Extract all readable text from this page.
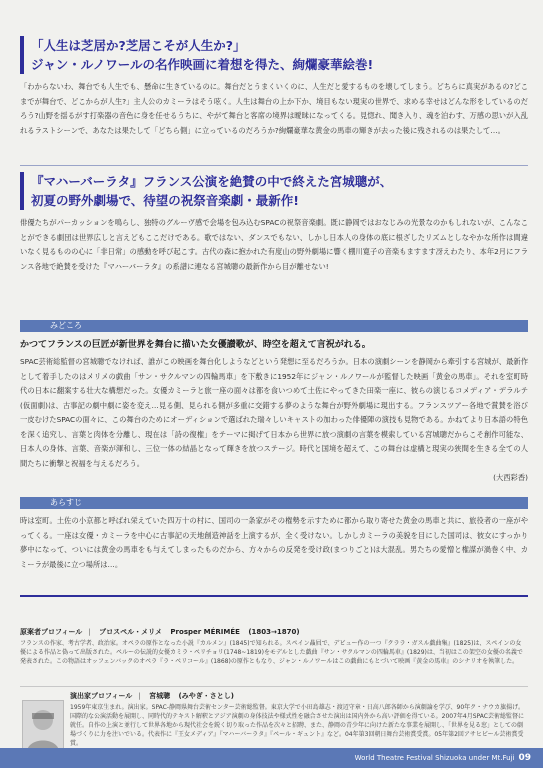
「人生は芝居か?芝居こそが人生か?」
ジャン・ルノワールの名作映画に着想を得た、絢爛豪華絵巻!
「わからないわ、舞台でも人生でも、懸命に生きているのに。舞台だとうまくいくのに、人生だと愛するものを壊してしまう。どちらに真実があるの?どこまでが舞台で、どこからが人生?」主人公のカミーラはそう呟く。人生は舞台の上か下か、境目もない現実の世界で、求める幸せはどんな形をしているのだろう?山野を揺るがす打楽器の音色に身を任せるうちに、やがて舞台と客席の境界は曖昧になってくる。見惚れ、聞き入り、魂を泊わす、万感の思いが入乱れるラストシーンで、あなたは果たして「どちら側」に立っているのだろうか?絢爛豪華な黄金の馬車の輝きが去った後に残されるのは果たして…。
『マハーバーラタ』フランス公演を絶賛の中で終えた宮城聰が、
初夏の野外劇場で、待望の祝祭音楽劇・最新作!
俳優たちがパーカッションを鳴らし、独特のグルーヴ感で会場を包み込むSPACの祝祭音楽劇。既に静岡ではおなじみの光景なのかもしれないが、こんなことができる劇団は世界広しと言えどもここだけである。歌ではない、ダンスでもない、しかし日本人の身体の底に根ざしたリズムとしなやかな所作は間違いなく見るものの心に「非日常」の感動を呼び起こす。古代の森に抱かれた有度山の野外劇場に響く棚川寛子の音楽もますます冴えわたり、本年2月にフランス各地で絶賛を受けた『マハーバーラタ』の系譜に連なる宮城聰の最新作から目が離せない!
みどころ
かつてフランスの巨匠が新世界を舞台に描いた女優讃歌が、時空を超えて言祝がれる。
SPAC芸術総監督の宮城聰でなければ、誰がこの映画を舞台化しようなどという発想に至るだろうか。日本の演劇シーンを静岡から牽引する宮城が、最新作として着手したのはメリメの戯曲「サン・サクルマンの四輪馬車」を下敷きに1952年にジャン・ルノワールが監督した映画「黄金の馬車」。それを室町時代の日本に翻案する壮大な構想だった。女優カミーラと旅一座の面々は都を食いつめて土佐にやってきた田楽一座に、彼らの演じるコメディア・デラルテ(仮面劇)は、古事記の劇中劇に姿を変え…見る側、見られる側が多重に交錯する夢のような舞台が野外劇場に現出する。フランスツアー各地で賞賛を浴び一皮むけたSPACの面々に、この舞台のためにオーディションで選ばれた瑞々しいキャストの加わった俳優陣の演技も見物である。かねてより日本語の特色を深く追究し、言葉と肉体を分離し、現在は「詩の復権」をテーマに掲げて日本から世界に放つ演劇の言葉を模索している宮城聰だからこそ創作可能な、日本人の身体、言葉、音楽が渾和し、三位一体の結晶となって輝きを放つステージ。時代と国境を超えて、この舞台は虚構と現実の狭間を生きる全ての人間たちに衝撃と祝福を与えるだろう。
(大西彩香)
あらすじ
時は室町。土佐の小京都と呼ばれ栄えていた四万十の村に、国司の一条家がその権勢を示すために都から取り寄せた黄金の馬車と共に、旅役者の一座がやってくる。一座は女優・カミーラを中心に古事記の天地創造神話を上演するが、全く受けない。しかしカミーラの美貌を目にした国司は、彼女にすっかり夢中になって、ついには黄金の馬車をも与えてしまったものだから、方々からの反発を受け政(まつりごと)は大混乱。男たちの愛憎と権謀が渦巻く中、カミーラが最後に立つ場所は…。
原案者プロフィール | プロスペル・メリメ Prosper MÉRIMÉE (1803→1870)
フランスの作家、考古学者、政治家。オペラの原作となった小説『カルメン』(1845)で知られる。スペイン贔屓で、デビュー作の一つ『クララ・ガスル戯曲集』(1825)は、スペインの女優による作品と偽って出版された。ペルーの伝説的女優カミラ・ペリチョリ(1748~1819)をモデルとした戯曲『サン・サクルマンの四輪馬車』(1829)は、当初はこの架空の女優の名義で発表された。この物語はオッフェンバックのオペラ『ラ・ペリコール』(1868)の原作ともなり、ジャン・ルノワールはこの戯曲にもとづいて映画『黄金の馬車』のシナリオを執筆した。
演出家プロフィール | 宮城聰 (みやぎ・さとし)
1959年東京生まれ。演出家。SPAC-静岡県舞台芸術センター芸術総監督。東京大学で小田島雄志・渡辺守章・日高八郎各師から演劇論を学び、90年ク・ナウカ旗揚げ。国際的な公演活動を展開し、同時代的テキスト解釈とアジア演劇の身体技法や様式性を融合させた演出は国内外から高い評価を得ている。2007年4月SPAC芸術総監督に就任。自作の上演と並行して世界各地から現代社会を鋭く切り取った作品を次々と招聘、また、静岡の青少年に向けた新たな事業を展開し、「世界を見る窓」としての劇場づくりに力を注いでいる。代表作に『王女メディア』『マハーバーラタ』『ペール・ギュント』など。04年第3回朝日舞台芸術賞受賞。05年第2回アサヒビール芸術賞受賞。
World Theatre Festival Shizuoka under Mt.Fuji 09
